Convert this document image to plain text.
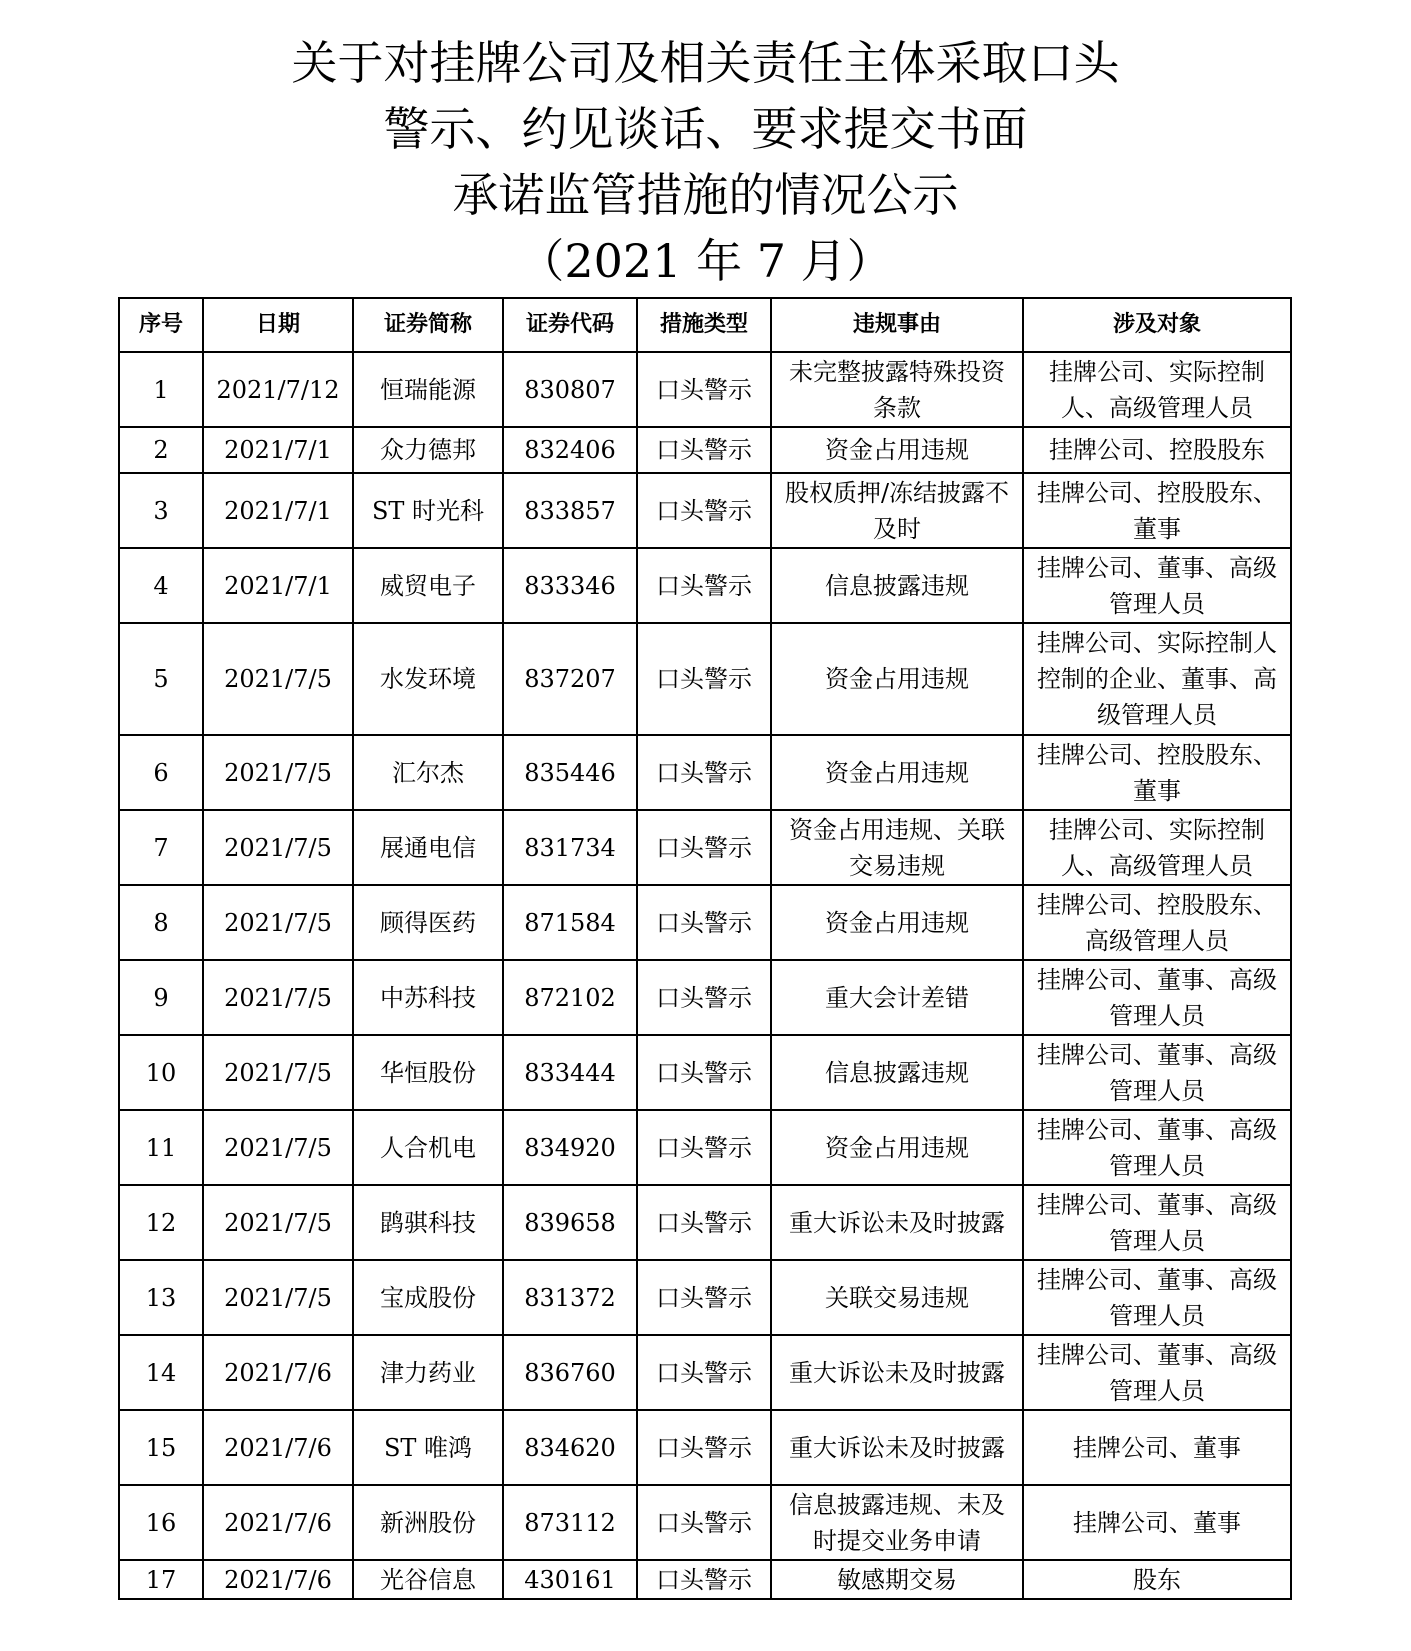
关于对挂牌公司及相关责任主体采取口头
警示、约见谈话、要求提交书面
承诺监管措施的情况公示
（2021 年 7 月）
序号	日期	证券简称	证券代码	措施类型	违规事由	涉及对象
1	2021/7/12	恒瑞能源	830807	口头警示	未完整披露特殊投资条款	挂牌公司、实际控制人、高级管理人员
2	2021/7/1	众力德邦	832406	口头警示	资金占用违规	挂牌公司、控股股东
3	2021/7/1	ST 时光科	833857	口头警示	股权质押/冻结披露不及时	挂牌公司、控股股东、董事
4	2021/7/1	威贸电子	833346	口头警示	信息披露违规	挂牌公司、董事、高级管理人员
5	2021/7/5	水发环境	837207	口头警示	资金占用违规	挂牌公司、实际控制人控制的企业、董事、高级管理人员
6	2021/7/5	汇尔杰	835446	口头警示	资金占用违规	挂牌公司、控股股东、董事
7	2021/7/5	展通电信	831734	口头警示	资金占用违规、关联交易违规	挂牌公司、实际控制人、高级管理人员
8	2021/7/5	顾得医药	871584	口头警示	资金占用违规	挂牌公司、控股股东、高级管理人员
9	2021/7/5	中苏科技	872102	口头警示	重大会计差错	挂牌公司、董事、高级管理人员
10	2021/7/5	华恒股份	833444	口头警示	信息披露违规	挂牌公司、董事、高级管理人员
11	2021/7/5	人合机电	834920	口头警示	资金占用违规	挂牌公司、董事、高级管理人员
12	2021/7/5	鹍骐科技	839658	口头警示	重大诉讼未及时披露	挂牌公司、董事、高级管理人员
13	2021/7/5	宝成股份	831372	口头警示	关联交易违规	挂牌公司、董事、高级管理人员
14	2021/7/6	津力药业	836760	口头警示	重大诉讼未及时披露	挂牌公司、董事、高级管理人员
15	2021/7/6	ST 唯鸿	834620	口头警示	重大诉讼未及时披露	挂牌公司、董事
16	2021/7/6	新洲股份	873112	口头警示	信息披露违规、未及时提交业务申请	挂牌公司、董事
17	2021/7/6	光谷信息	430161	口头警示	敏感期交易	股东
